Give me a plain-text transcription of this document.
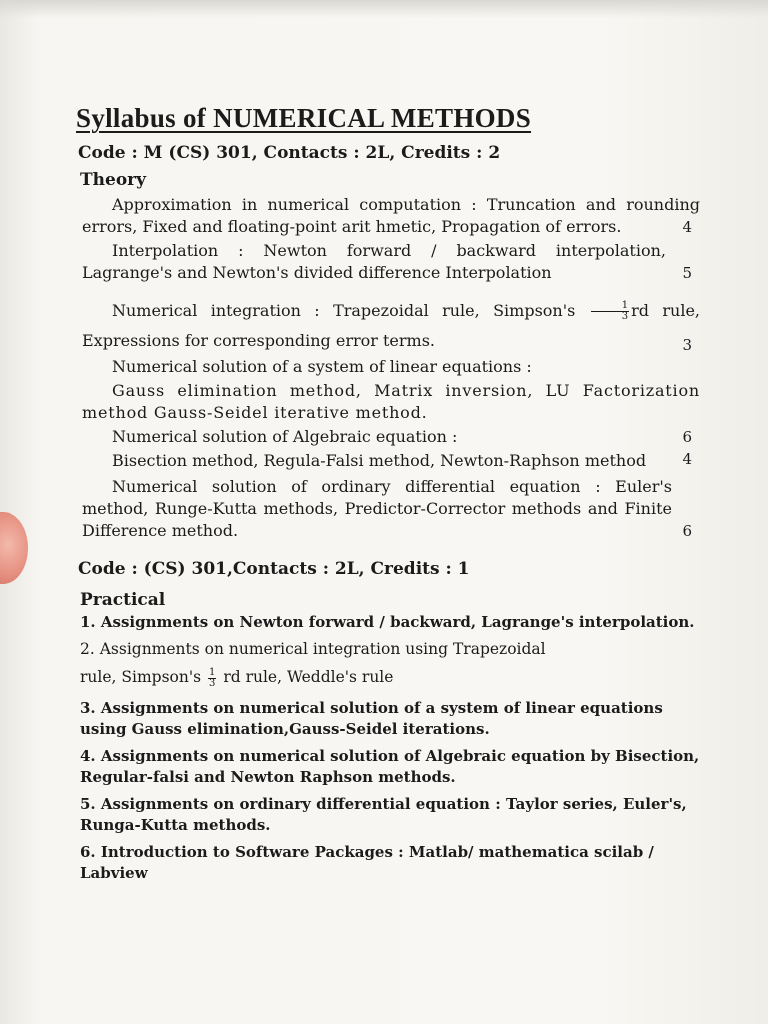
Syllabus of NUMERICAL METHODS
Code : M (CS) 301, Contacts : 2L, Credits : 2
Theory
Approximation in numerical computation : Truncation and rounding errors, Fixed and floating-point arit hmetic, Propagation of errors.	4
Interpolation : Newton forward / backward interpolation, Lagrange's and Newton's divided difference Interpolation	5
Numerical integration : Trapezoidal rule, Simpson's $\frac{1}{3}$ rd rule, Expressions for corresponding error terms.	3
Numerical solution of a system of linear equations :
Gauss elimination method, Matrix inversion, LU Factorization method Gauss-Seidel iterative method.
Numerical solution of Algebraic equation :	6
Bisection method, Regula-Falsi method, Newton-Raphson method	4
Numerical solution of ordinary differential equation : Euler's method, Runge-Kutta methods, Predictor-Corrector methods and Finite Difference method.	6
Code : (CS) 301,Contacts : 2L, Credits : 1
Practical
1. Assignments on Newton forward / backward, Lagrange's interpolation.
2. Assignments on numerical integration using Trapezoidal
rule, Simpson's $\frac{1}{3}$ rd rule, Weddle's rule
3. Assignments on numerical solution of a system of linear equations using Gauss elimination,Gauss-Seidel iterations.
4. Assignments on numerical solution of Algebraic equation by Bisection, Regular-falsi and Newton Raphson methods.
5. Assignments on ordinary differential equation : Taylor series, Euler's, Runga-Kutta methods.
6. Introduction to Software Packages : Matlab/ mathematica scilab / Labview
